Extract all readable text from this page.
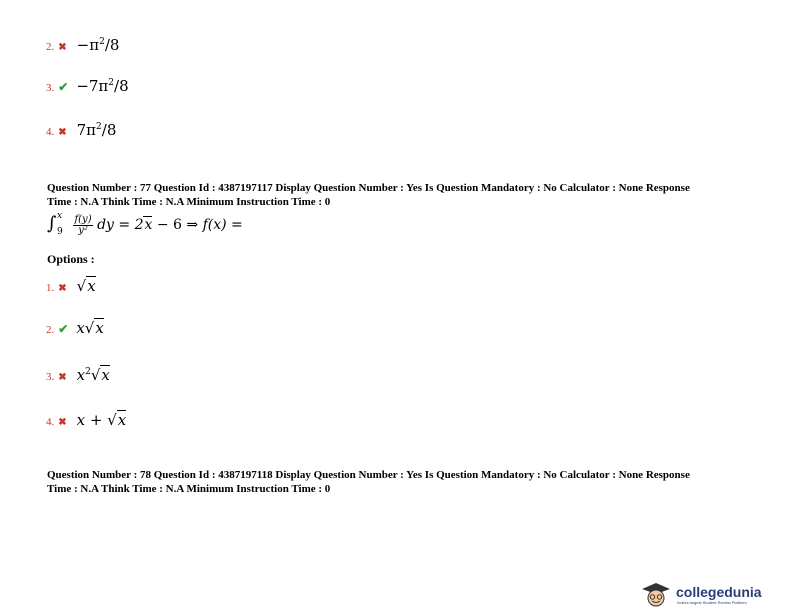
2. ✖ $-\pi^2/8$
3. ✔ $-7\pi^2/8$
4. ✖ $7\pi^2/8$
Question Number : 77 Question Id : 4387197117 Display Question Number : Yes Is Question Mandatory : No Calculator : None Response
Time : N.A Think Time : N.A Minimum Instruction Time : 0
∫ x
9
$\frac{f(y)}{\text{y²}}$ dy = 2x − 6 ⇒ f(x) =
Options :
1. ✖ √x
2. ✔ x√x
3. ✖ $x^2√x$
4. ✖ x + √x
Question Number : 78 Question Id : 4387197118 Display Question Number : Yes Is Question Mandatory : No Calculator : None Response
Time : N.A Think Time : N.A Minimum Instruction Time : 0
collegedunia
India's largest Student Review Platform
